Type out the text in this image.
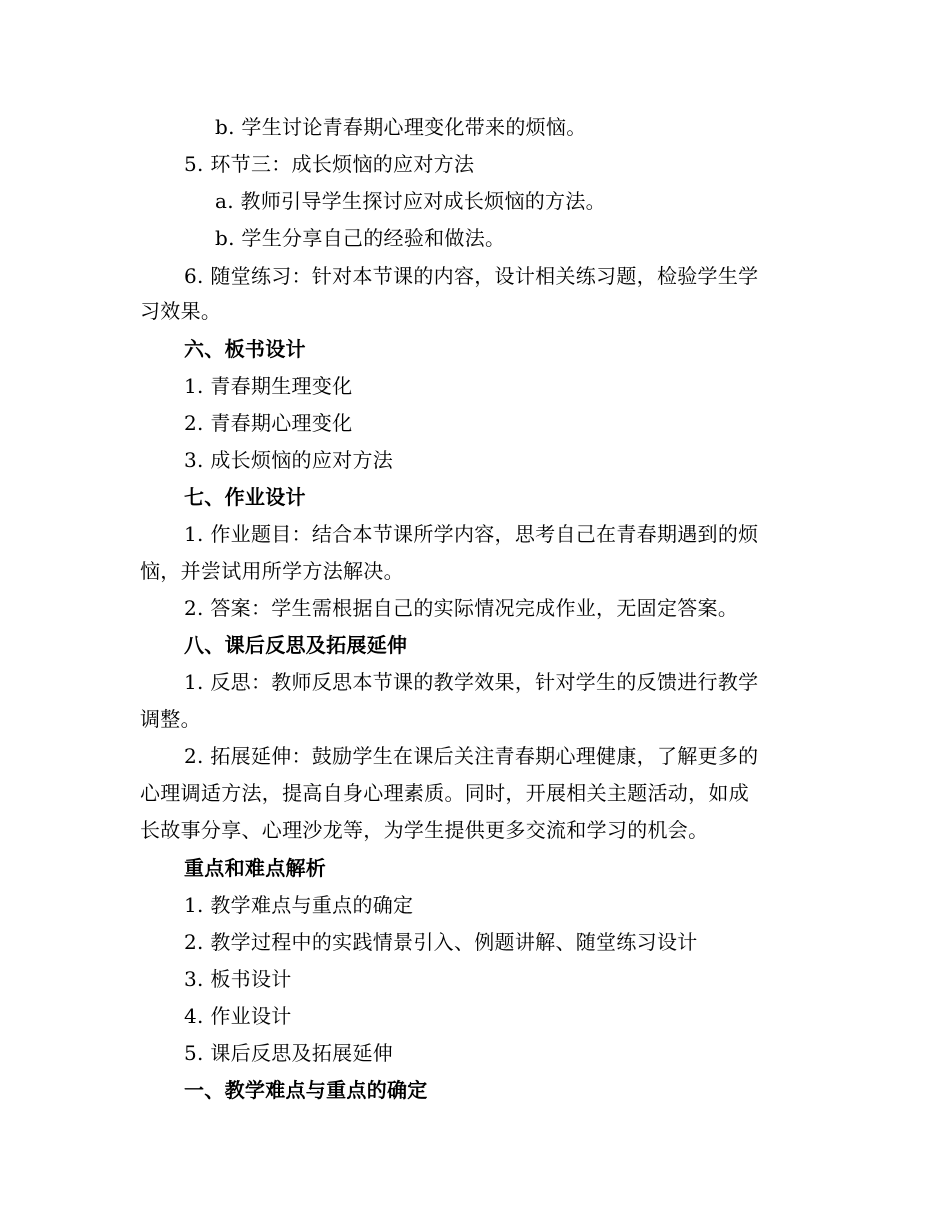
b. 学生讨论青春期心理变化带来的烦恼。
5. 环节三：成长烦恼的应对方法
a. 教师引导学生探讨应对成长烦恼的方法。
b. 学生分享自己的经验和做法。
6. 随堂练习：针对本节课的内容，设计相关练习题，检验学生学
习效果。
六、板书设计
1. 青春期生理变化
2. 青春期心理变化
3. 成长烦恼的应对方法
七、作业设计
1. 作业题目：结合本节课所学内容，思考自己在青春期遇到的烦
恼，并尝试用所学方法解决。
2. 答案：学生需根据自己的实际情况完成作业，无固定答案。
八、课后反思及拓展延伸
1. 反思：教师反思本节课的教学效果，针对学生的反馈进行教学
调整。
2. 拓展延伸：鼓励学生在课后关注青春期心理健康，了解更多的
心理调适方法，提高自身心理素质。同时，开展相关主题活动，如成
长故事分享、心理沙龙等，为学生提供更多交流和学习的机会。
重点和难点解析
1. 教学难点与重点的确定
2. 教学过程中的实践情景引入、例题讲解、随堂练习设计
3. 板书设计
4. 作业设计
5. 课后反思及拓展延伸
一、教学难点与重点的确定
